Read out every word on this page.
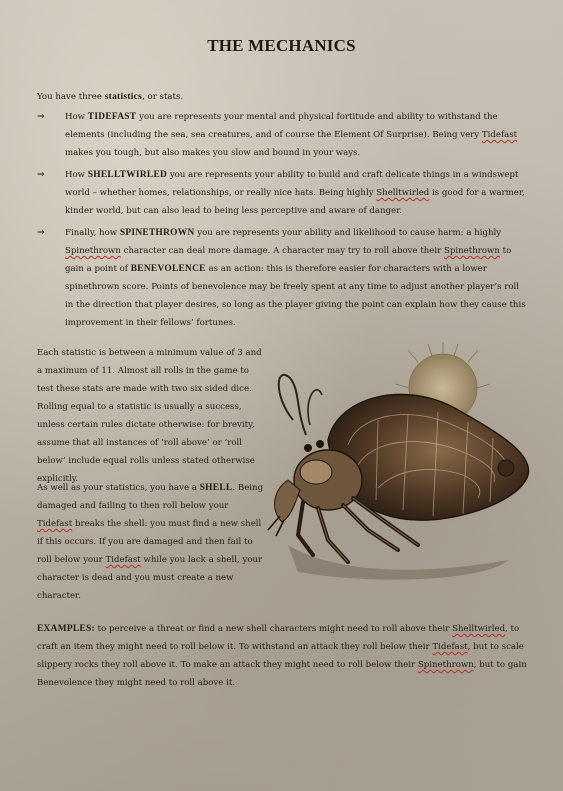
THE MECHANICS
You have three statistics, or stats.
⇒ How TIDEFAST you are represents your mental and physical fortitude and ability to withstand the elements (including the sea, sea creatures, and of course the Element Of Surprise). Being very Tidefast makes you tough, but also makes you slow and bound in your ways.
⇒ How SHELLTWIRLED you are represents your ability to build and craft delicate things in a windswept world – whether homes, relationships, or really nice hats. Being highly Shelltwirled is good for a warmer, kinder world, but can also lead to being less perceptive and aware of danger.
⇒ Finally, how SPINETHROWN you are represents your ability and likelihood to cause harm: a highly Spinethrown character can deal more damage. A character may try to roll above their Spinethrown to gain a point of BENEVOLENCE as an action: this is therefore easier for characters with a lower spinethrown score. Points of benevolence may be freely spent at any time to adjust another player’s roll in the direction that player desires, so long as the player giving the point can explain how they cause this improvement in their fellows’ fortunes.
Each statistic is between a minimum value of 3 and a maximum of 11. Almost all rolls in the game to test these stats are made with two six sided dice. Rolling equal to a statistic is usually a success, unless certain rules dictate otherwise: for brevity, assume that all instances of ‘roll above’ or ‘roll below’ include equal rolls unless stated otherwise explicitly.
As well as your statistics, you have a SHELL. Being damaged and failing to then roll below your Tidefast breaks the shell: you must find a new shell if this occurs. If you are damaged and then fail to roll below your Tidefast while you lack a shell, your character is dead and you must create a new character.
EXAMPLES: to perceive a threat or find a new shell characters might need to roll above their Shelltwirled, to craft an item they might need to roll below it. To withstand an attack they roll below their Tidefast, but to scale slippery rocks they roll above it. To make an attack they might need to roll below their Spinethrown, but to gain Benevolence they might need to roll above it.
